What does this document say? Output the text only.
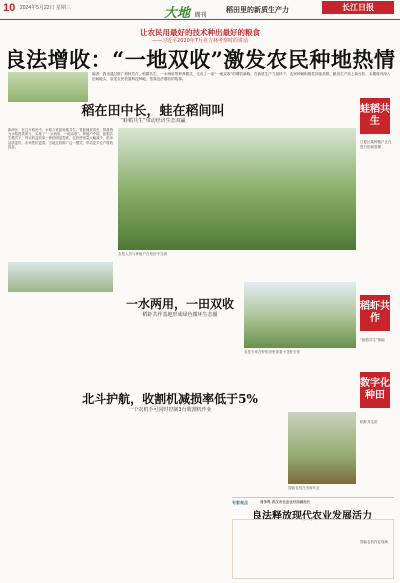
10 2024年5月22日 星期三	大地 周刊
稻田里的新质生产力	长江日报
让农民用最好的技术种出最好的粮食
——习近平2020年7月在吉林考察时的讲话
良法增收：“一地双收”激发农民种地热情
编者：我市通过推广稻虾共作、稻鳖共生、一水两用等种养模式，走出了一条“一地双收”的增收新路。在新质生产力加持下，农民种粮积极性持续高涨，粮食生产再上新台阶。本期周刊深入田间地头，讲述农民依靠科技种地、依靠良法增收的故事。
稻在田中长，蛙在稻间叫
“蛙稻共生”带动经济生态双赢
蛙稻共生
新洲区：在这片稻田中，水稻与青蛙和谐共生。青蛙捕食害虫，排泄物为水稻提供养分，实现了“一水两用、一地双收”。种植户介绍，蛙稻共生模式下，每亩收益较单一种稻明显提高，农药使用量大幅减少，稻米品质更好，市场售价更高。当地还将推广这一模式，带动更多农户增收致富。
农技人员与种植户在稻田中交流
江夏区某种植户正在进行田间管理
一水两用，一田双收
稻虾共作基地形成绿色循环生态圈
稻虾共作
农技专家在虾稻田里查看小龙虾长势
“蛙稻共生”基地
北斗护航，收割机减损率低于5%
一个农机手可同时控制3台收割机作业
数字化种田
智能农机在田间作业
稻虾共生田
专家观点	周争鸣 武汉市农业农村局副局长
良法释放现代农业发展活力
智能农机作业现场
